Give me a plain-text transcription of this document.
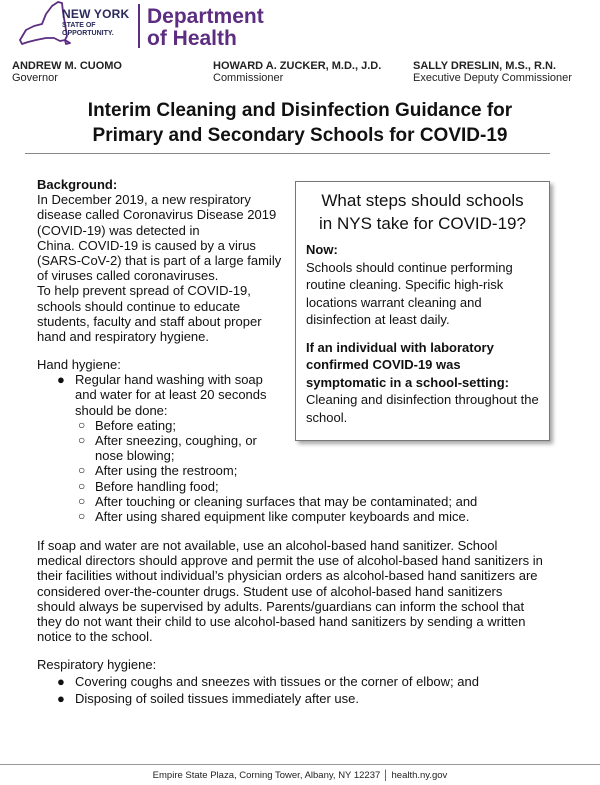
NEW YORK
STATE OF
OPPORTUNITY.
Department
of Health
ANDREW M. CUOMO
Governor
HOWARD A. ZUCKER, M.D., J.D.
Commissioner
SALLY DRESLIN, M.S., R.N.
Executive Deputy Commissioner
Interim Cleaning and Disinfection Guidance for
Primary and Secondary Schools for COVID-19
Background:
In December 2019, a new respiratory
disease called Coronavirus Disease 2019
(COVID-19) was detected in
China. COVID-19 is caused by a virus
(SARS-CoV-2) that is part of a large family
of viruses called coronaviruses.
To help prevent spread of COVID-19,
schools should continue to educate
students, faculty and staff about proper
hand and respiratory hygiene.
What steps should schools
in NYS take for COVID-19?

Now:

Schools should continue performing

routine cleaning. Specific high-risk

locations warrant cleaning and

disinfection at least daily.

If an individual with laboratory

confirmed COVID-19 was

symptomatic in a school-setting:

Cleaning and disinfection throughout the

school.

Hand hygiene:
● Regular hand washing with soap
and water for at least 20 seconds
should be done:
○ Before eating;
○ After sneezing, coughing, or
nose blowing;
○ After using the restroom;
○ Before handling food;
○ After touching or cleaning surfaces that may be contaminated; and
○ After using shared equipment like computer keyboards and mice.
If soap and water are not available, use an alcohol-based hand sanitizer. School
medical directors should approve and permit the use of alcohol-based hand sanitizers in
their facilities without individual’s physician orders as alcohol-based hand sanitizers are
considered over-the-counter drugs. Student use of alcohol-based hand sanitizers
should always be supervised by adults. Parents/guardians can inform the school that
they do not want their child to use alcohol-based hand sanitizers by sending a written
notice to the school.
Respiratory hygiene:
● Covering coughs and sneezes with tissues or the corner of elbow; and
● Disposing of soiled tissues immediately after use.
Empire State Plaza, Corning Tower, Albany, NY 12237 │ health.ny.gov
